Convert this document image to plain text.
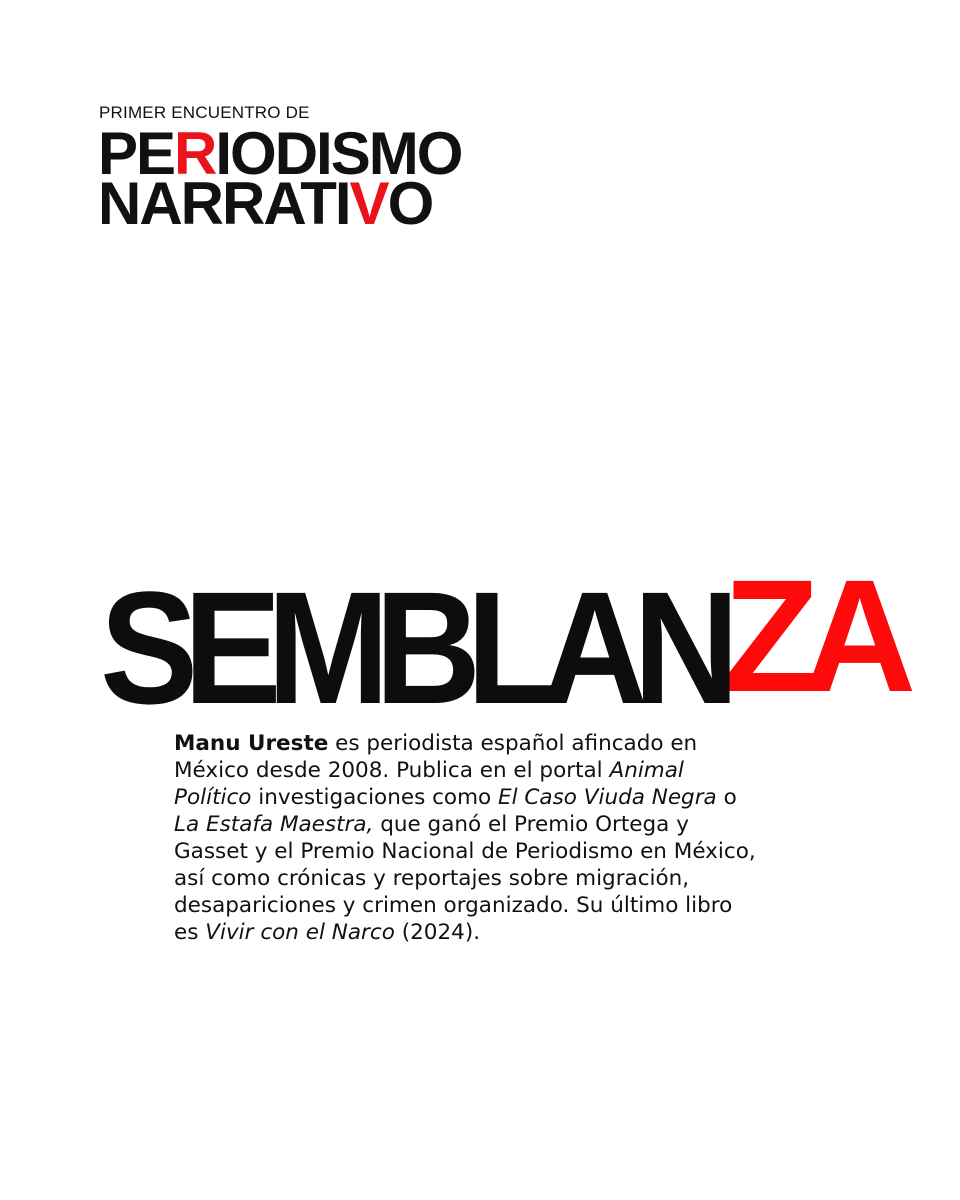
PRIMER ENCUENTRO DE
PERIODISMO
NARRATIVO
SEMBLAN
ZA

Manu Ureste es periodista español afincado en

México desde 2008. Publica en el portal Animal

Político investigaciones como El Caso Viuda Negra o

La Estafa Maestra, que ganó el Premio Ortega y

Gasset y el Premio Nacional de Periodismo en México,

así como crónicas y reportajes sobre migración,

desapariciones y crimen organizado. Su último libro

es Vivir con el Narco (2024).
